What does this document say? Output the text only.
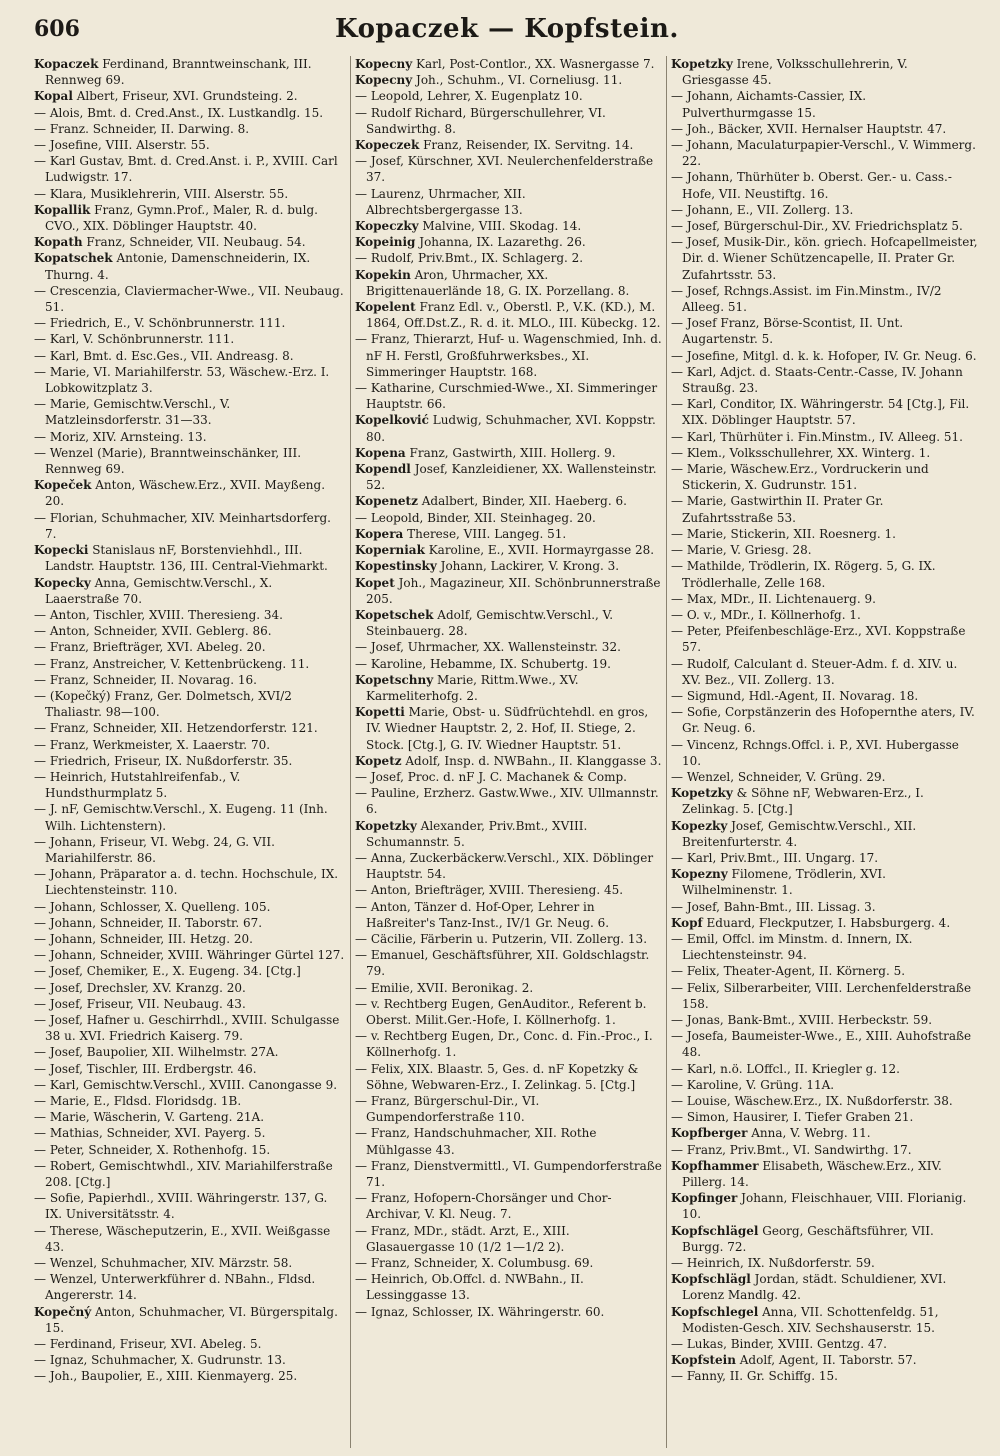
606	Kopaczek — Kopfstein.
Kopaczek Ferdinand, Branntweinschank, III. Rennweg 69.
Kopal Albert, Friseur, XVI. Grundsteing. 2.
— Alois, Bmt. d. Cred.Anst., IX. Lustkandlg. 15.
— Franz. Schneider, II. Darwing. 8.
— Josefine, VIII. Alserstr. 55.
— Karl Gustav, Bmt. d. Cred.Anst. i. P., XVIII. Carl Ludwigstr. 17.
— Klara, Musiklehrerin, VIII. Alserstr. 55.
Kopallik Franz, Gymn.Prof., Maler, R. d. bulg. CVO., XIX. Döblinger Hauptstr. 40.
Kopath Franz, Schneider, VII. Neubaug. 54.
Kopatschek Antonie, Damenschneiderin, IX. Thurng. 4.
— Crescenzia, Claviermacher-Wwe., VII. Neubaug. 51.
— Friedrich, E., V. Schönbrunnerstr. 111.
— Karl, V. Schönbrunnerstr. 111.
— Karl, Bmt. d. Esc.Ges., VII. Andreasg. 8.
— Marie, VI. Mariahilferstr. 53, Wäschew.-Erz. I. Lobkowitzplatz 3.
— Marie, Gemischtw.Verschl., V. Matzleinsdorferstr. 31—33.
— Moriz, XIV. Arnsteing. 13.
— Wenzel (Marie), Branntweinschänker, III. Rennweg 69.
Kopeček Anton, Wäschew.Erz., XVII. Mayßeng. 20.
— Florian, Schuhmacher, XIV. Meinhartsdorferg. 7.
Kopecki Stanislaus nF, Borstenviehhdl., III. Landstr. Hauptstr. 136, III. Central-Viehmarkt.
Kopecky Anna, Gemischtw.Verschl., X. Laaerstraße 70.
— Anton, Tischler, XVIII. Theresieng. 34.
— Anton, Schneider, XVII. Geblerg. 86.
— Franz, Briefträger, XVI. Abeleg. 20.
— Franz, Anstreicher, V. Kettenbrückeng. 11.
— Franz, Schneider, II. Novarag. 16.
— (Kopečký) Franz, Ger. Dolmetsch, XVI/2 Thaliastr. 98—100.
— Franz, Schneider, XII. Hetzendorferstr. 121.
— Franz, Werkmeister, X. Laaerstr. 70.
— Friedrich, Friseur, IX. Nußdorferstr. 35.
— Heinrich, Hutstahlreifenfab., V. Hundsthurmplatz 5.
— J. nF, Gemischtw.Verschl., X. Eugeng. 11 (Inh. Wilh. Lichtenstern).
— Johann, Friseur, VI. Webg. 24, G. VII. Mariahilferstr. 86.
— Johann, Präparator a. d. techn. Hochschule, IX. Liechtensteinstr. 110.
— Johann, Schlosser, X. Quelleng. 105.
— Johann, Schneider, II. Taborstr. 67.
— Johann, Schneider, III. Hetzg. 20.
— Johann, Schneider, XVIII. Währinger Gürtel 127.
— Josef, Chemiker, E., X. Eugeng. 34. [Ctg.]
— Josef, Drechsler, XV. Kranzg. 20.
— Josef, Friseur, VII. Neubaug. 43.
— Josef, Hafner u. Geschirrhdl., XVIII. Schulgasse 38 u. XVI. Friedrich Kaiserg. 79.
— Josef, Baupolier, XII. Wilhelmstr. 27A.
— Josef, Tischler, III. Erdbergstr. 46.
— Karl, Gemischtw.Verschl., XVIII. Canongasse 9.
— Marie, E., Fldsd. Floridsdg. 1B.
— Marie, Wäscherin, V. Garteng. 21A.
— Mathias, Schneider, XVI. Payerg. 5.
— Peter, Schneider, X. Rothenhofg. 15.
— Robert, Gemischtwhdl., XIV. Mariahilferstraße 208. [Ctg.]
— Sofie, Papierhdl., XVIII. Währingerstr. 137, G. IX. Universitätsstr. 4.
— Therese, Wäscheputzerin, E., XVII. Weißgasse 43.
— Wenzel, Schuhmacher, XIV. Märzstr. 58.
— Wenzel, Unterwerkführer d. NBahn., Fldsd. Angererstr. 14.
Kopečný Anton, Schuhmacher, VI. Bürgerspitalg. 15.
— Ferdinand, Friseur, XVI. Abeleg. 5.
— Ignaz, Schuhmacher, X. Gudrunstr. 13.
— Joh., Baupolier, E., XIII. Kienmayerg. 25.
Kopecny Karl, Post-Contlor., XX. Wasnergasse 7.
Kopecny Joh., Schuhm., VI. Corneliusg. 11.
— Leopold, Lehrer, X. Eugenplatz 10.
— Rudolf Richard, Bürgerschullehrer, VI. Sandwirthg. 8.
Kopeczek Franz, Reisender, IX. Servitng. 14.
— Josef, Kürschner, XVI. Neulerchenfelderstraße 37.
— Laurenz, Uhrmacher, XII. Albrechtsbergergasse 13.
Kopeczky Malvine, VIII. Skodag. 14.
Kopeinig Johanna, IX. Lazarethg. 26.
— Rudolf, Priv.Bmt., IX. Schlagerg. 2.
Kopekin Aron, Uhrmacher, XX. Brigittenauerlände 18, G. IX. Porzellang. 8.
Kopelent Franz Edl. v., Oberstl. P., V.K. (KD.), M. 1864, Off.Dst.Z., R. d. it. MLO., III. Kübeckg. 12.
— Franz, Thierarzt, Huf- u. Wagenschmied, Inh. d. nF H. Ferstl, Großfuhrwerksbes., XI. Simmeringer Hauptstr. 168.
— Katharine, Curschmied-Wwe., XI. Simmeringer Hauptstr. 66.
Kopelković Ludwig, Schuhmacher, XVI. Koppstr. 80.
Kopena Franz, Gastwirth, XIII. Hollerg. 9.
Kopendl Josef, Kanzleidiener, XX. Wallensteinstr. 52.
Kopenetz Adalbert, Binder, XII. Haeberg. 6.
— Leopold, Binder, XII. Steinhageg. 20.
Kopera Therese, VIII. Langeg. 51.
Koperniak Karoline, E., XVII. Hormayrgasse 28.
Kopestinsky Johann, Lackirer, V. Krong. 3.
Kopet Joh., Magazineur, XII. Schönbrunnerstraße 205.
Kopetschek Adolf, Gemischtw.Verschl., V. Steinbauerg. 28.
— Josef, Uhrmacher, XX. Wallensteinstr. 32.
— Karoline, Hebamme, IX. Schubertg. 19.
Kopetschny Marie, Rittm.Wwe., XV. Karmeliterhofg. 2.
Kopetti Marie, Obst- u. Südfrüchtehdl. en gros, IV. Wiedner Hauptstr. 2, 2. Hof, II. Stiege, 2. Stock. [Ctg.], G. IV. Wiedner Hauptstr. 51.
Kopetz Adolf, Insp. d. NWBahn., II. Klanggasse 3.
— Josef, Proc. d. nF J. C. Machanek & Comp.
— Pauline, Erzherz. Gastw.Wwe., XIV. Ullmannstr. 6.
Kopetzky Alexander, Priv.Bmt., XVIII. Schumannstr. 5.
— Anna, Zuckerbäckerw.Verschl., XIX. Döblinger Hauptstr. 54.
— Anton, Briefträger, XVIII. Theresieng. 45.
— Anton, Tänzer d. Hof-Oper, Lehrer in Haßreiter's Tanz-Inst., IV/1 Gr. Neug. 6.
— Cäcilie, Färberin u. Putzerin, VII. Zollerg. 13.
— Emanuel, Geschäftsführer, XII. Goldschlagstr. 79.
— Emilie, XVII. Beronikag. 2.
— v. Rechtberg Eugen, GenAuditor., Referent b. Oberst. Milit.Ger.-Hofe, I. Köllnerhofg. 1.
— v. Rechtberg Eugen, Dr., Conc. d. Fin.-Proc., I. Köllnerhofg. 1.
— Felix, XIX. Blaastr. 5, Ges. d. nF Kopetzky & Söhne, Webwaren-Erz., I. Zelinkag. 5. [Ctg.]
— Franz, Bürgerschul-Dir., VI. Gumpendorferstraße 110.
— Franz, Handschuhmacher, XII. Rothe Mühlgasse 43.
— Franz, Dienstvermittl., VI. Gumpendorferstraße 71.
— Franz, Hofopern-Chorsänger und Chor-Archivar, V. Kl. Neug. 7.
— Franz, MDr., städt. Arzt, E., XIII. Glasauergasse 10 (1/2 1—1/2 2).
— Franz, Schneider, X. Columbusg. 69.
— Heinrich, Ob.Offcl. d. NWBahn., II. Lessinggasse 13.
— Ignaz, Schlosser, IX. Währingerstr. 60.
Kopetzky Irene, Volksschullehrerin, V. Griesgasse 45.
— Johann, Aichamts-Cassier, IX. Pulverthurmgasse 15.
— Joh., Bäcker, XVII. Hernalser Hauptstr. 47.
— Johann, Maculaturpapier-Verschl., V. Wimmerg. 22.
— Johann, Thürhüter b. Oberst. Ger.- u. Cass.-Hofe, VII. Neustiftg. 16.
— Johann, E., VII. Zollerg. 13.
— Josef, Bürgerschul-Dir., XV. Friedrichsplatz 5.
— Josef, Musik-Dir., kön. griech. Hofcapellmeister, Dir. d. Wiener Schützencapelle, II. Prater Gr. Zufahrtsstr. 53.
— Josef, Rchngs.Assist. im Fin.Minstm., IV/2 Alleeg. 51.
— Josef Franz, Börse-Scontist, II. Unt. Augartenstr. 5.
— Josefine, Mitgl. d. k. k. Hofoper, IV. Gr. Neug. 6.
— Karl, Adjct. d. Staats-Centr.-Casse, IV. Johann Straußg. 23.
— Karl, Conditor, IX. Währingerstr. 54 [Ctg.], Fil. XIX. Döblinger Hauptstr. 57.
— Karl, Thürhüter i. Fin.Minstm., IV. Alleeg. 51.
— Klem., Volksschullehrer, XX. Winterg. 1.
— Marie, Wäschew.Erz., Vordruckerin und Stickerin, X. Gudrunstr. 151.
— Marie, Gastwirthin II. Prater Gr. Zufahrtsstraße 53.
— Marie, Stickerin, XII. Roesnerg. 1.
— Marie, V. Griesg. 28.
— Mathilde, Trödlerin, IX. Rögerg. 5, G. IX. Trödlerhalle, Zelle 168.
— Max, MDr., II. Lichtenauerg. 9.
— O. v., MDr., I. Köllnerhofg. 1.
— Peter, Pfeifenbeschläge-Erz., XVI. Koppstraße 57.
— Rudolf, Calculant d. Steuer-Adm. f. d. XIV. u. XV. Bez., VII. Zollerg. 13.
— Sigmund, Hdl.-Agent, II. Novarag. 18.
— Sofie, Corpstänzerin des Hofopernthe aters, IV. Gr. Neug. 6.
— Vincenz, Rchngs.Offcl. i. P., XVI. Hubergasse 10.
— Wenzel, Schneider, V. Grüng. 29.
Kopetzky & Söhne nF, Webwaren-Erz., I. Zelinkag. 5. [Ctg.]
Kopezky Josef, Gemischtw.Verschl., XII. Breitenfurterstr. 4.
— Karl, Priv.Bmt., III. Ungarg. 17.
Kopezny Filomene, Trödlerin, XVI. Wilhelminenstr. 1.
— Josef, Bahn-Bmt., III. Lissag. 3.
Kopf Eduard, Fleckputzer, I. Habsburgerg. 4.
— Emil, Offcl. im Minstm. d. Innern, IX. Liechtensteinstr. 94.
— Felix, Theater-Agent, II. Körnerg. 5.
— Felix, Silberarbeiter, VIII. Lerchenfelderstraße 158.
— Jonas, Bank-Bmt., XVIII. Herbeckstr. 59.
— Josefa, Baumeister-Wwe., E., XIII. Auhofstraße 48.
— Karl, n.ö. LOffcl., II. Kriegler g. 12.
— Karoline, V. Grüng. 11A.
— Louise, Wäschew.Erz., IX. Nußdorferstr. 38.
— Simon, Hausirer, I. Tiefer Graben 21.
Kopfberger Anna, V. Webrg. 11.
— Franz, Priv.Bmt., VI. Sandwirthg. 17.
Kopfhammer Elisabeth, Wäschew.Erz., XIV. Pillerg. 14.
Kopfinger Johann, Fleischhauer, VIII. Florianig. 10.
Kopfschlägel Georg, Geschäftsführer, VII. Burgg. 72.
— Heinrich, IX. Nußdorferstr. 59.
Kopfschlägl Jordan, städt. Schuldiener, XVI. Lorenz Mandlg. 42.
Kopfschlegel Anna, VII. Schottenfeldg. 51, Modisten-Gesch. XIV. Sechshauserstr. 15.
— Lukas, Binder, XVIII. Gentzg. 47.
Kopfstein Adolf, Agent, II. Taborstr. 57.
— Fanny, II. Gr. Schiffg. 15.
